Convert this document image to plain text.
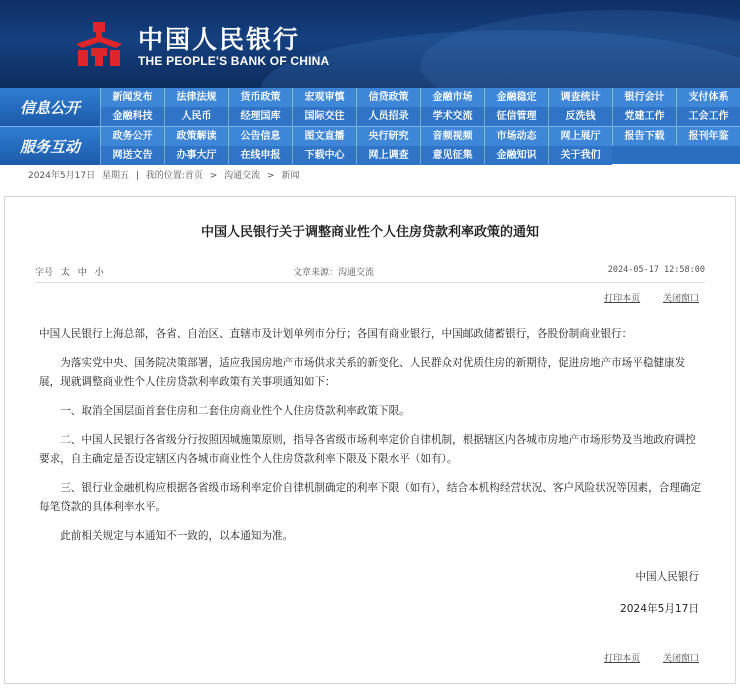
中国人民银行
THE PEOPLE'S BANK OF CHINA
信息公开
新闻发布	法律法规	货币政策	宏观审慎	信贷政策	金融市场	金融稳定	调查统计	银行会计	支付体系
金融科技	人民币	经理国库	国际交往	人员招录	学术交流	征信管理	反洗钱	党建工作	工会工作
服务互动
政务公开	政策解读	公告信息	图文直播	央行研究	音频视频	市场动态	网上展厅	报告下载	报刊年鉴
网送文告	办事大厅	在线申报	下载中心	网上调查	意见征集	金融知识	关于我们
2024年5月17日 星期五 | 我的位置:首页 > 沟通交流 > 新闻
中国人民银行关于调整商业性个人住房贷款利率政策的通知
字号 太 中 小	文章来源：沟通交流	2024-05-17 12:58:00
打印本页	关闭窗口

中国人民银行上海总部，各省、自治区、直辖市及计划单列市分行；各国有商业银行，中国邮政储蓄银行，各股份制商业银行：

为落实党中央、国务院决策部署，适应我国房地产市场供求关系的新变化、人民群众对优质住房的新期待，促进房地产市场平稳健康发展，现就调整商业性个人住房贷款利率政策有关事项通知如下：

一、取消全国层面首套住房和二套住房商业性个人住房贷款利率政策下限。

二、中国人民银行各省级分行按照因城施策原则，指导各省级市场利率定价自律机制，根据辖区内各城市房地产市场形势及当地政府调控要求，自主确定是否设定辖区内各城市商业性个人住房贷款利率下限及下限水平（如有）。

三、银行业金融机构应根据各省级市场利率定价自律机制确定的利率下限（如有），结合本机构经营状况、客户风险状况等因素，合理确定每笔贷款的具体利率水平。

此前相关规定与本通知不一致的，以本通知为准。

中国人民银行
2024年5月17日
打印本页	关闭窗口
